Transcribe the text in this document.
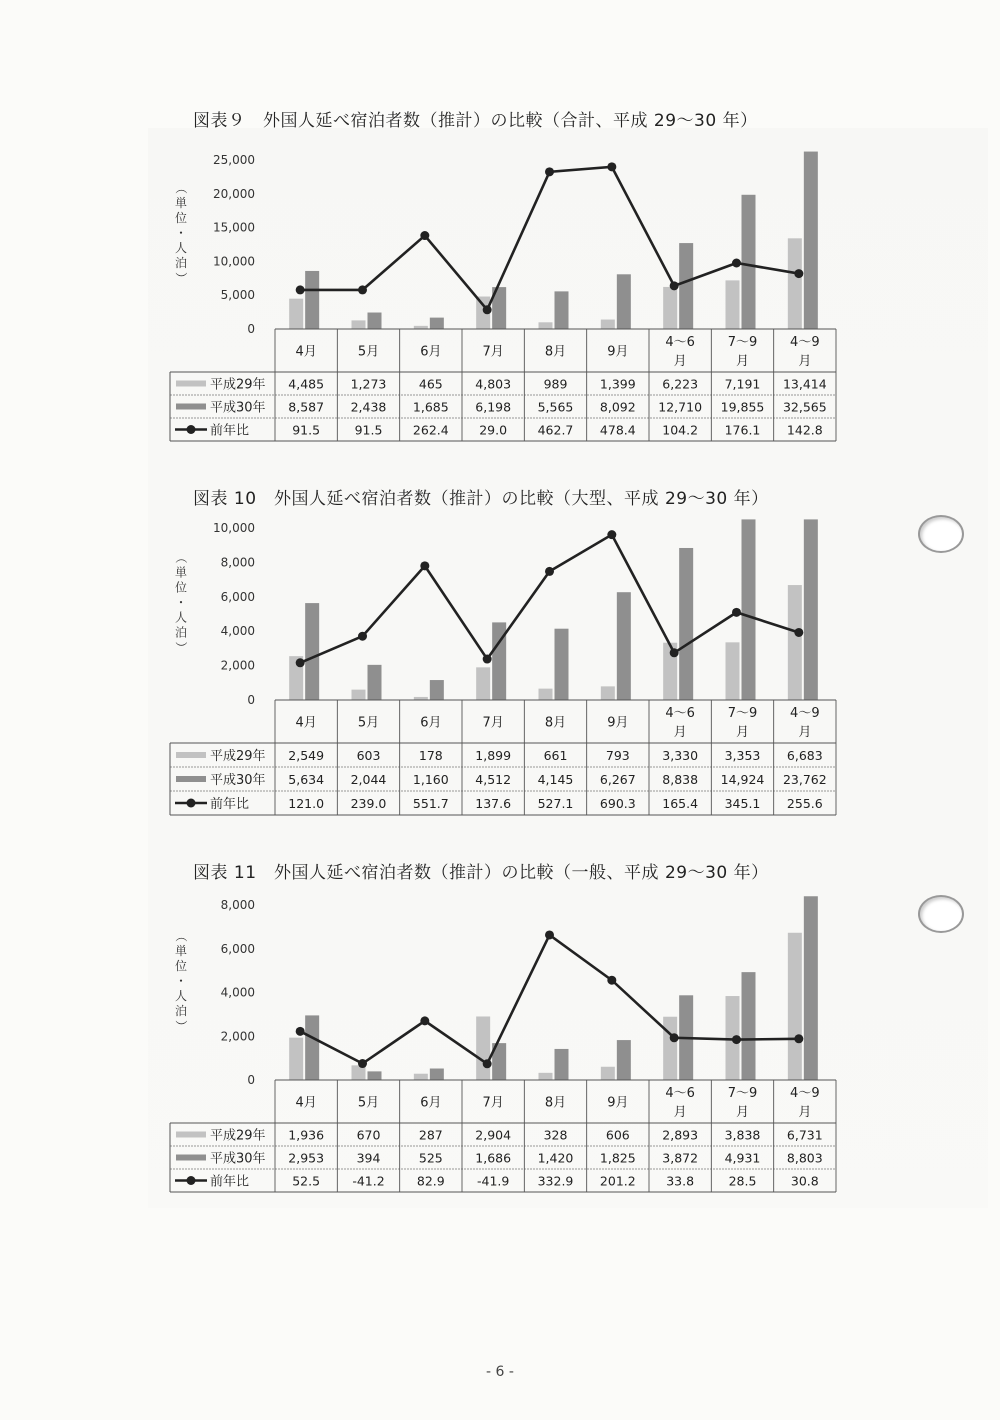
図表９　外国人延べ宿泊者数（推計）の比較（合計、平成 29～30 年）
25,000
20,000
15,000
10,000
5,000
0
（
単
位
・
人
泊
）
4月	5月	6月	7月	8月	9月
4～6
月
7～9
月
4～9
月
平成29年 4,485 1,273	465	4,803	989	1,399 6,223 7,191 13,414
平成30年 8,587 2,438 1,685 6,198 5,565 8,092 12,710 19,855 32,565
前年比	91.5	91.5 262.4 29.0 462.7 478.4 104.2 176.1 142.8
図表 10　外国人延べ宿泊者数（推計）の比較（大型、平成 29～30 年）
10,000
8,000
6,000
4,000
2,000
0
（
単
位
・
人
泊
）
4月	5月	6月	7月	8月	9月
4～6
月
7～9
月
4～9
月
平成29年 2,549	603	178	1,899	661	793	3,330 3,353 6,683
平成30年 5,634 2,044 1,160 4,512 4,145 6,267 8,838 14,924 23,762
前年比	121.0 239.0 551.7 137.6 527.1 690.3 165.4 345.1 255.6
図表 11　外国人延べ宿泊者数（推計）の比較（一般、平成 29～30 年）
8,000
6,000
4,000
2,000
0
（
単
位
・
人
泊
）
4月	5月	6月	7月	8月	9月
4～6
月
7～9
月
4～9
月
平成29年 1,936	670	287	2,904	328	606	2,893 3,838 6,731
平成30年 2,953	394	525	1,686 1,420 1,825 3,872 4,931 8,803
前年比	52.5	-41.2	82.9	-41.9 332.9 201.2 33.8	28.5	30.8
- 6 -
